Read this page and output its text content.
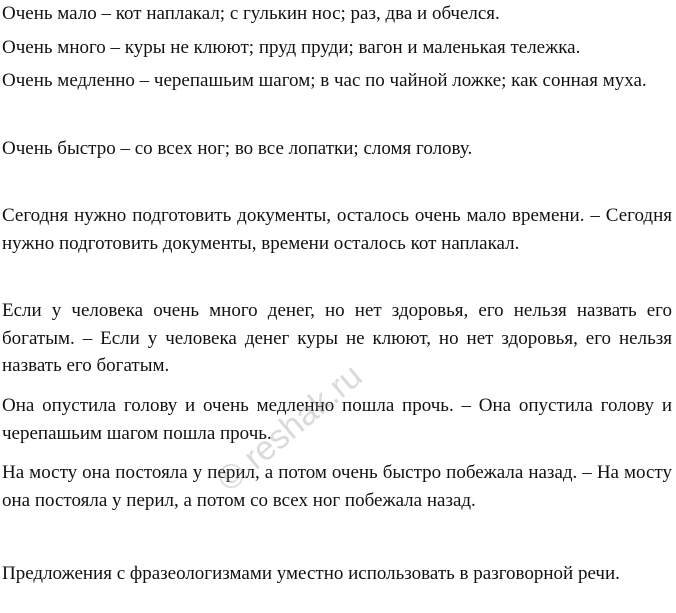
Очень мало – кот наплакал; с гулькин нос; раз, два и обчелся.

Очень много – куры не клюют; пруд пруди; вагон и маленькая тележка.

Очень медленно – черепашьим шагом; в час по чайной ложке; как сонная муха.

Очень быстро – со всех ног; во все лопатки; сломя голову.

Сегодня нужно подготовить документы, осталось очень мало времени. – Сегодня нужно подготовить документы, времени осталось кот наплакал.

Если у человека очень много денег, но нет здоровья, его нельзя назвать его богатым. – Если у человека денег куры не клюют, но нет здоровья, его нельзя назвать его богатым.

Она опустила голову и очень медленно пошла прочь. – Она опустила голову и черепашьим шагом пошла прочь.

На мосту она постояла у перил, а потом очень быстро побежала назад. – На мосту она постояла у перил, а потом со всех ног побежала назад.

Предложения с фразеологизмами уместно использовать в разговорной речи.

© reshak.ru
